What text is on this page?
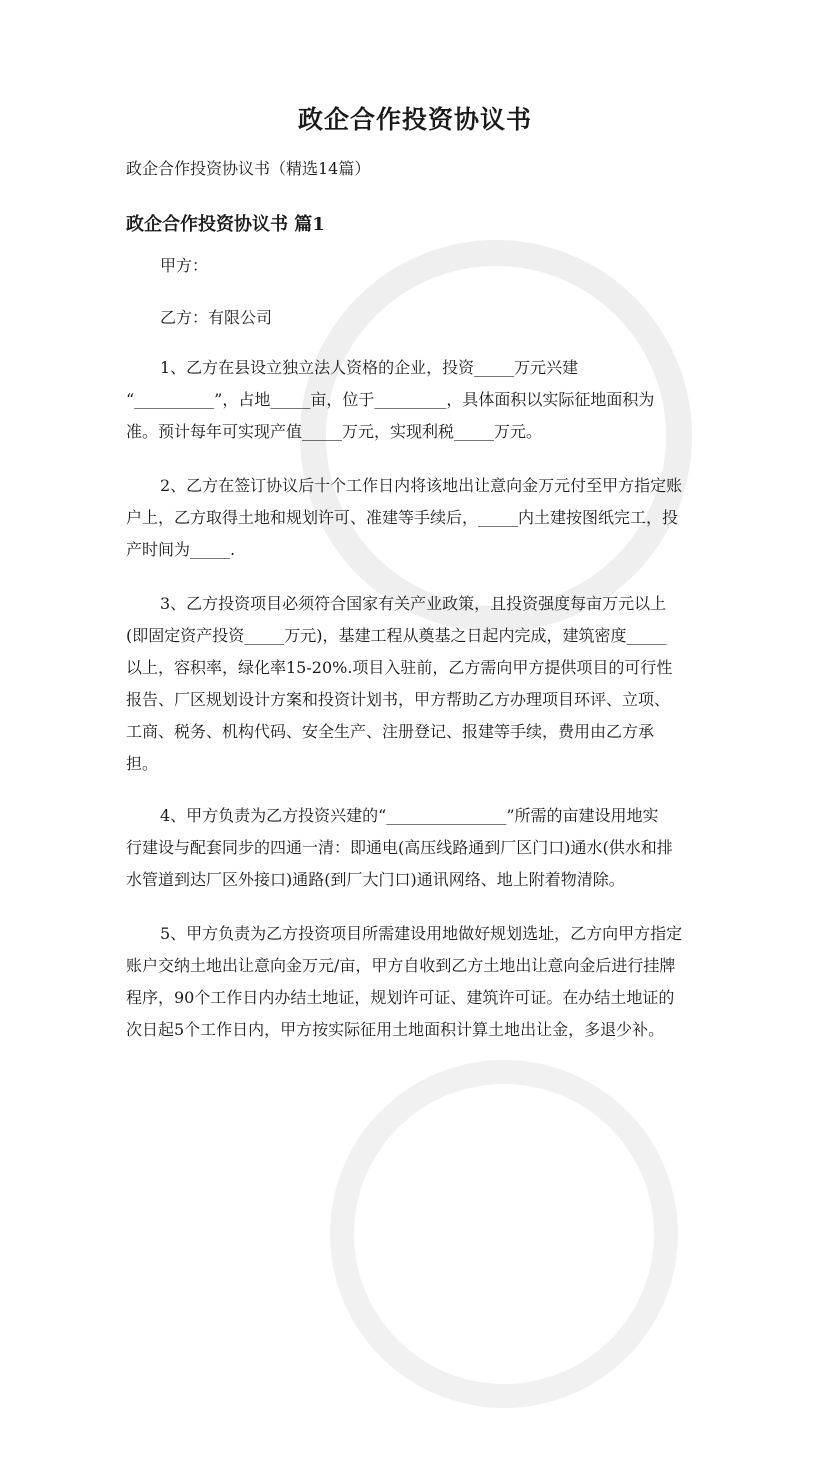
政企合作投资协议书
政企合作投资协议书（精选14篇）
政企合作投资协议书 篇1
甲方：
乙方：有限公司
1、乙方在县设立独立法人资格的企业，投资_____万元兴建
“__________”，占地_____亩，位于_________，具体面积以实际征地面积为
准。预计每年可实现产值_____万元，实现利税_____万元。
2、乙方在签订协议后十个工作日内将该地出让意向金万元付至甲方指定账
户上，乙方取得土地和规划许可、准建等手续后，_____内土建按图纸完工，投
产时间为_____.
3、乙方投资项目必须符合国家有关产业政策，且投资强度每亩万元以上
(即固定资产投资_____万元)，基建工程从奠基之日起内完成，建筑密度_____
以上，容积率，绿化率15-20%.项目入驻前，乙方需向甲方提供项目的可行性
报告、厂区规划设计方案和投资计划书，甲方帮助乙方办理项目环评、立项、
工商、税务、机构代码、安全生产、注册登记、报建等手续，费用由乙方承
担。
4、甲方负责为乙方投资兴建的“_______________”所需的亩建设用地实
行建设与配套同步的四通一清：即通电(高压线路通到厂区门口)通水(供水和排
水管道到达厂区外接口)通路(到厂大门口)通讯网络、地上附着物清除。
5、甲方负责为乙方投资项目所需建设用地做好规划选址，乙方向甲方指定
账户交纳土地出让意向金万元/亩，甲方自收到乙方土地出让意向金后进行挂牌
程序，90个工作日内办结土地证，规划许可证、建筑许可证。在办结土地证的
次日起5个工作日内，甲方按实际征用土地面积计算土地出让金，多退少补。
